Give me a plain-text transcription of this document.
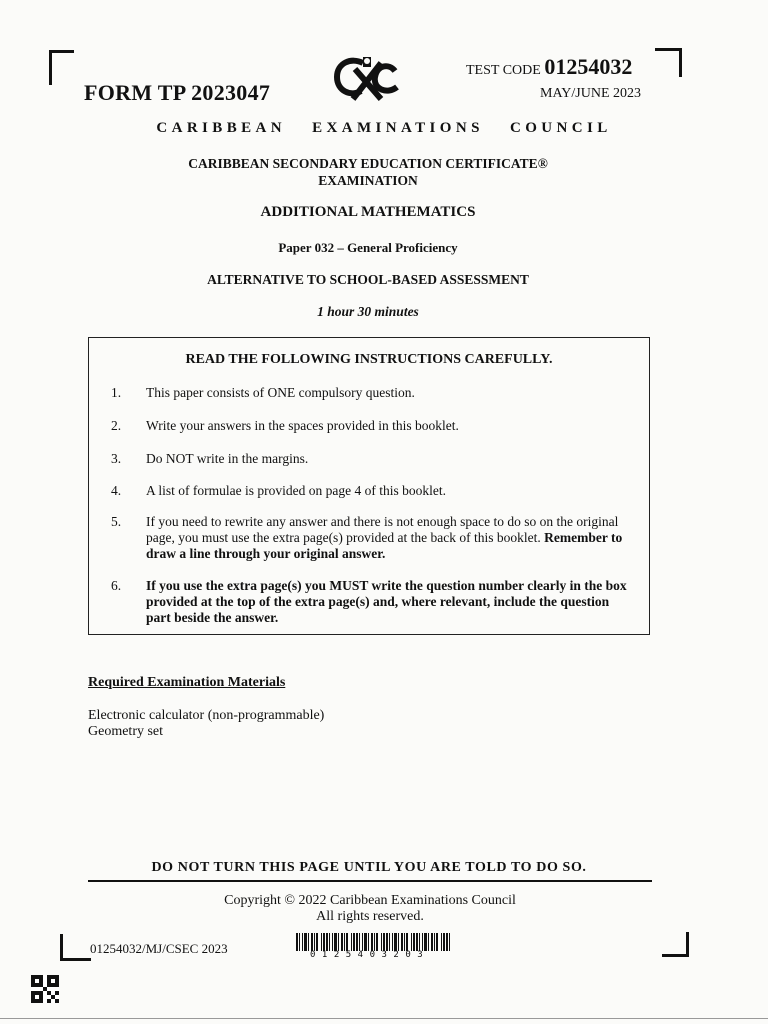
FORM TP 2023047
TEST CODE 01254032
MAY/JUNE 2023
CARIBBEAN EXAMINATIONS COUNCIL
CARIBBEAN SECONDARY EDUCATION CERTIFICATE®
EXAMINATION
ADDITIONAL MATHEMATICS
Paper 032 – General Proficiency
ALTERNATIVE TO SCHOOL-BASED ASSESSMENT
1 hour 30 minutes
READ THE FOLLOWING INSTRUCTIONS CAREFULLY.
1. This paper consists of ONE compulsory question.
2. Write your answers in the spaces provided in this booklet.
3. Do NOT write in the margins.
4. A list of formulae is provided on page 4 of this booklet.
5. If you need to rewrite any answer and there is not enough space to do so on the original page, you must use the extra page(s) provided at the back of this booklet. Remember to draw a line through your original answer.
6. If you use the extra page(s) you MUST write the question number clearly in the box provided at the top of the extra page(s) and, where relevant, include the question part beside the answer.
Required Examination Materials
Electronic calculator (non-programmable)
Geometry set
DO NOT TURN THIS PAGE UNTIL YOU ARE TOLD TO DO SO.
Copyright © 2022 Caribbean Examinations Council
All rights reserved.
01254032/MJ/CSEC 2023	0125403203
